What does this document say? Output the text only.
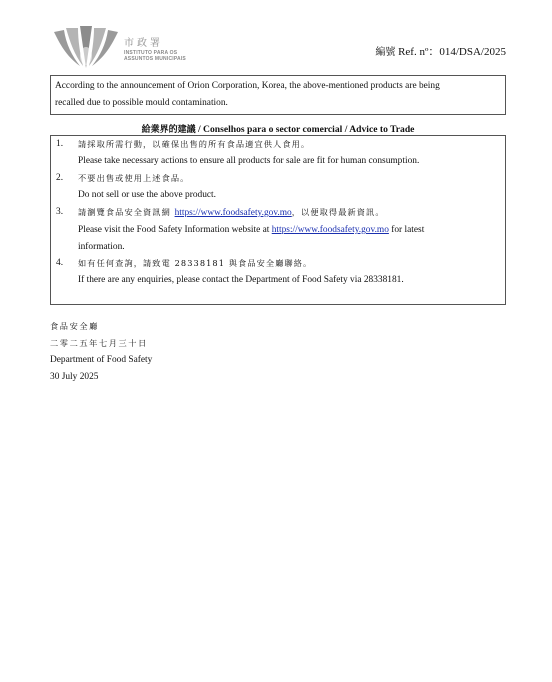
市政署
INSTITUTO PARA OS
ASSUNTOS MUNICIPAIS
編號 Ref. nº：014/DSA/2025
According to the announcement of Orion Corporation, Korea, the above-mentioned products are being
recalled due to possible mould contamination.
給業界的建議 / Conselhos para o sector comercial / Advice to Trade
1. 請採取所需行動，以確保出售的所有食品適宜供人食用。
Please take necessary actions to ensure all products for sale are fit for human consumption.
2. 不要出售或使用上述食品。
Do not sell or use the above product.
3. 請瀏覽食品安全資訊網 https://www.foodsafety.gov.mo，以便取得最新資訊。
Please visit the Food Safety Information website at https://www.foodsafety.gov.mo for latest
information.
4. 如有任何查詢，請致電 28338181 與食品安全廳聯絡。
If there are any enquiries, please contact the Department of Food Safety via 28338181.
食品安全廳
二零二五年七月三十日
Department of Food Safety
30 July 2025
